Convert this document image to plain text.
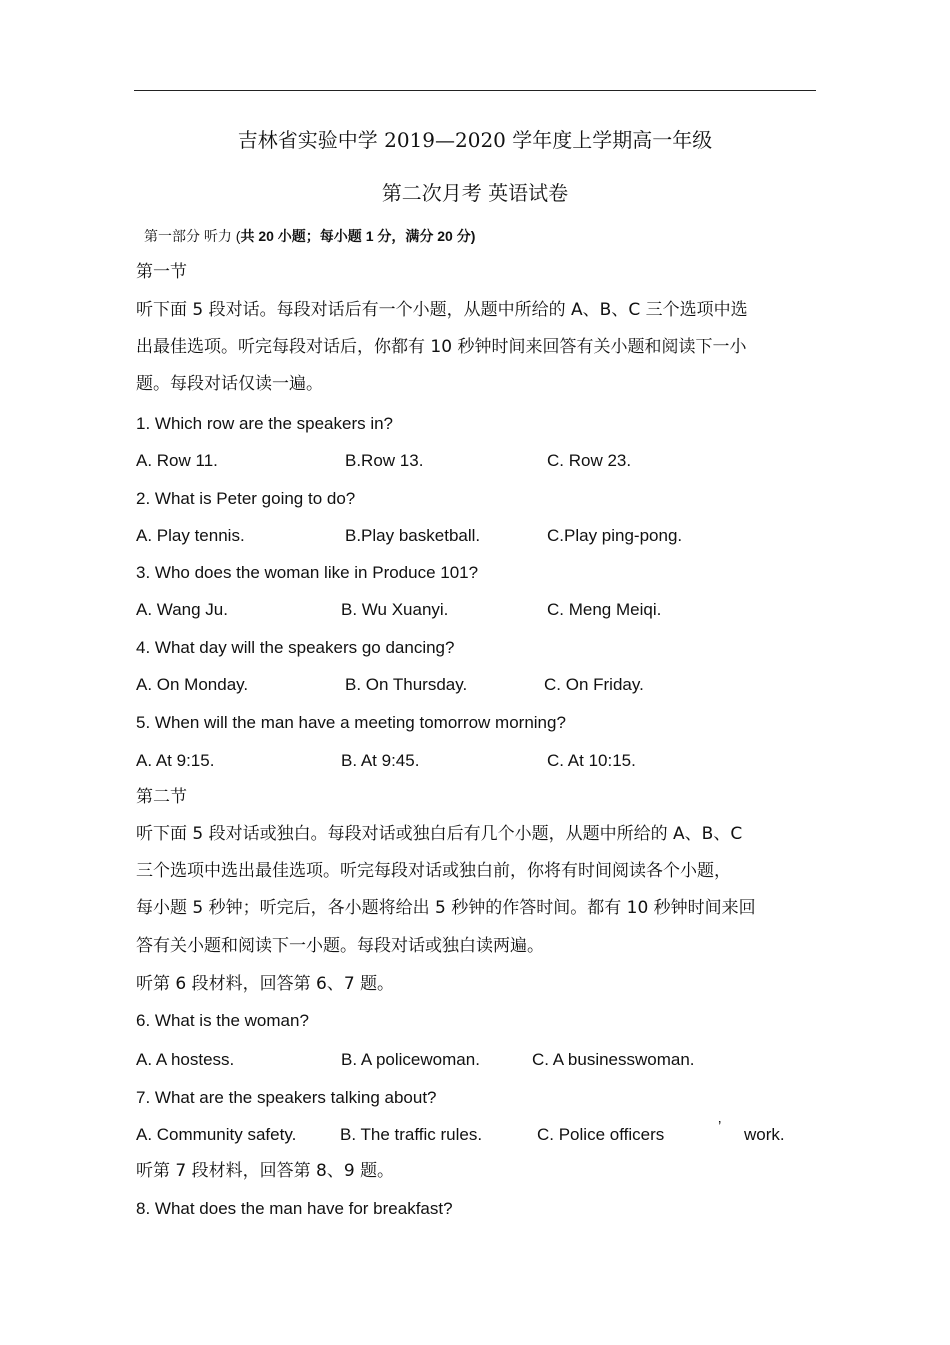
吉林省实验中学 2019—2020 学年度上学期高一年级
第二次月考 英语试卷
第一部分 听力 (共 20 小题；每小题 1 分，满分 20 分)
第一节
听下面 5 段对话。每段对话后有一个小题，从题中所给的 A、B、C 三个选项中选
出最佳选项。听完每段对话后，你都有 10 秒钟时间来回答有关小题和阅读下一小
题。每段对话仅读一遍。
1. Which row are the speakers in?
A. Row 11.	B.Row 13.	C. Row 23.
2. What is Peter going to do?
A. Play tennis.	B.Play basketball.	C.Play ping-pong.
3. Who does the woman like in Produce 101?
A. Wang Ju.	B. Wu Xuanyi.	C. Meng Meiqi.
4. What day will the speakers go dancing?
A. On Monday.	B. On Thursday.	C. On Friday.
5. When will the man have a meeting tomorrow morning?
A. At 9:15.	B. At 9:45.	C. At 10:15.
第二节
听下面 5 段对话或独白。每段对话或独白后有几个小题，从题中所给的 A、B、C
三个选项中选出最佳选项。听完每段对话或独白前，你将有时间阅读各个小题，
每小题 5 秒钟；听完后，各小题将给出 5 秒钟的作答时间。都有 10 秒钟时间来回
答有关小题和阅读下一小题。每段对话或独白读两遍。
听第 6 段材料，回答第 6、7 题。
6. What is the woman?
A. A hostess.	B. A policewoman.	C. A businesswoman.
7. What are the speakers talking about?
A. Community safety.	B. The traffic rules.	C. Police officers	’ work.
听第 7 段材料，回答第 8、9 题。
8. What does the man have for breakfast?
